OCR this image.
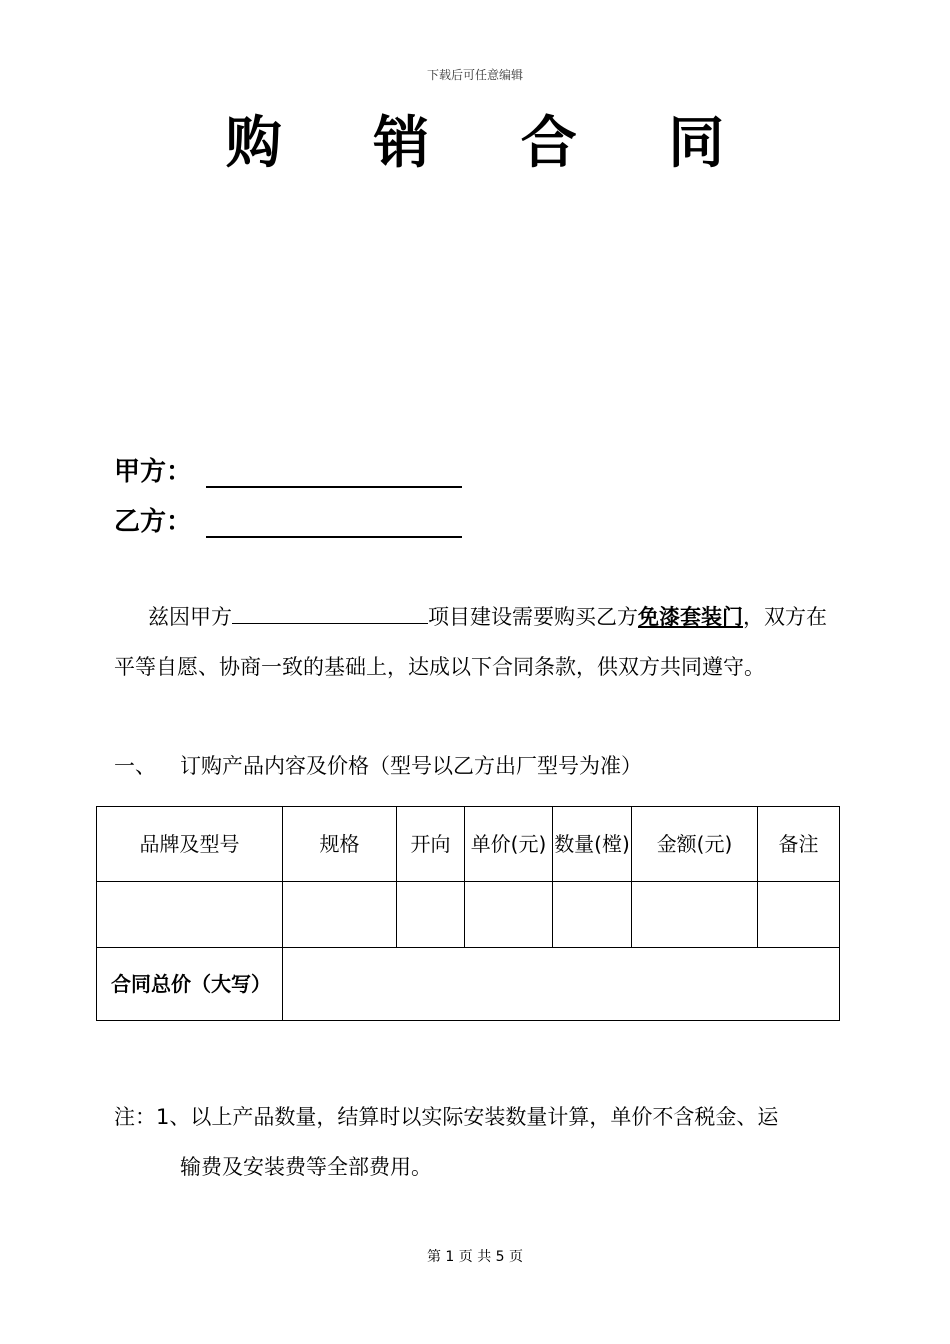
下载后可任意编辑
购 销 合 同
甲方：
乙方：
兹因甲方	项目建设需要购买乙方免漆套装门，双方在平等自愿、协商一致的基础上，达成以下合同条款，供双方共同遵守。
一、 订购产品内容及价格（型号以乙方出厂型号为准）
品牌及型号	规格	开向	单价(元)	数量(樘)	金额(元)	备注

合同总价（大写）						
注：1、以上产品数量，结算时以实际安装数量计算，单价不含税金、运
输费及安装费等全部费用。
第 1 页 共 5 页
